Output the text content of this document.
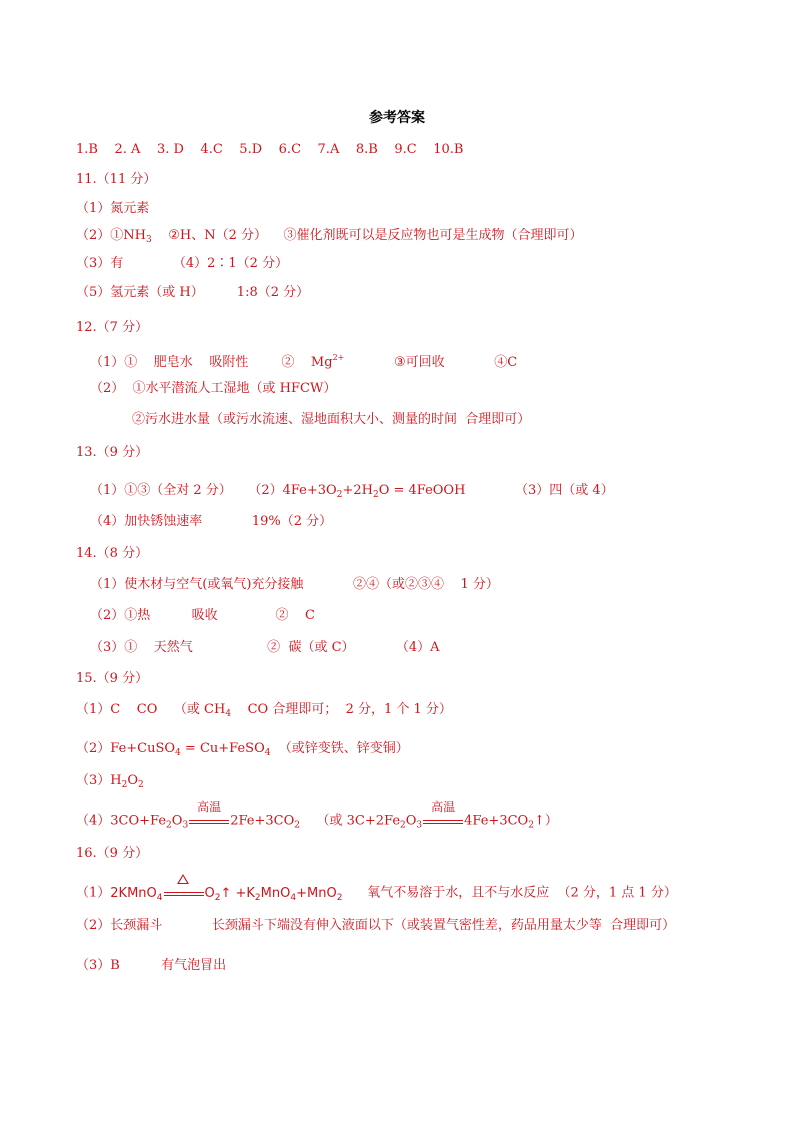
参考答案
1.B    2. A    3. D    4.C    5.D    6.C    7.A    8.B    9.C    10.B
11.（11 分）
（1）氮元素
$(2)①NH_3$    ②H、N（2 分）    ③催化剂既可以是反应物也可是生成物（合理即可）
（3）有            （4）2∶1（2 分）
（5）氢元素（或 H）        1:8（2 分）
12.（7 分）
（1）①    肥皂水    吸附性        ②    $Mg^{2+}$            ③可回收            ④C
（2）  ①水平潜流人工湿地（或 HFCW）
②污水进水量（或污水流速、湿地面积大小、测量的时间  合理即可）
13.（9 分）
（1）①③（全对 2 分）    $(2)4Fe+3O_2+2H_2O$ = 4FeOOH            （3）四（或 4）
（4）加快锈蚀速率            19%（2 分）
14.（8 分）
（1）使木材与空气(或氧气)充分接触            ②④（或②③④    1 分）
（2）①热          吸收              ②    C
（3）①    天然气                  ②  碳（或 C）          （4）A
15.（9 分）
（1）C    CO    （或 $CH_4$    CO 合理即可；  2 分，1 个 1 分）
（2）Fe+CuSO$_4$ = Cu+FeSO$_4$  （或锌变铁、锌变铜）
$(3)H_2O_2$
$(4)3CO+Fe_2O_3$
高温
$2Fe+3CO_2$    （或 $3C+2Fe_2O_3$
高温
$4Fe+3CO_2↑$）
16.（9 分）
（1）2KMnO$_4$	$O_2↑ +K_2MnO_4+MnO_2$      氧气不易溶于水，且不与水反应  （2 分，1 点 1 分）
（2）长颈漏斗            长颈漏斗下端没有伸入液面以下（或装置气密性差，药品用量太少等  合理即可）
（3）B          有气泡冒出
